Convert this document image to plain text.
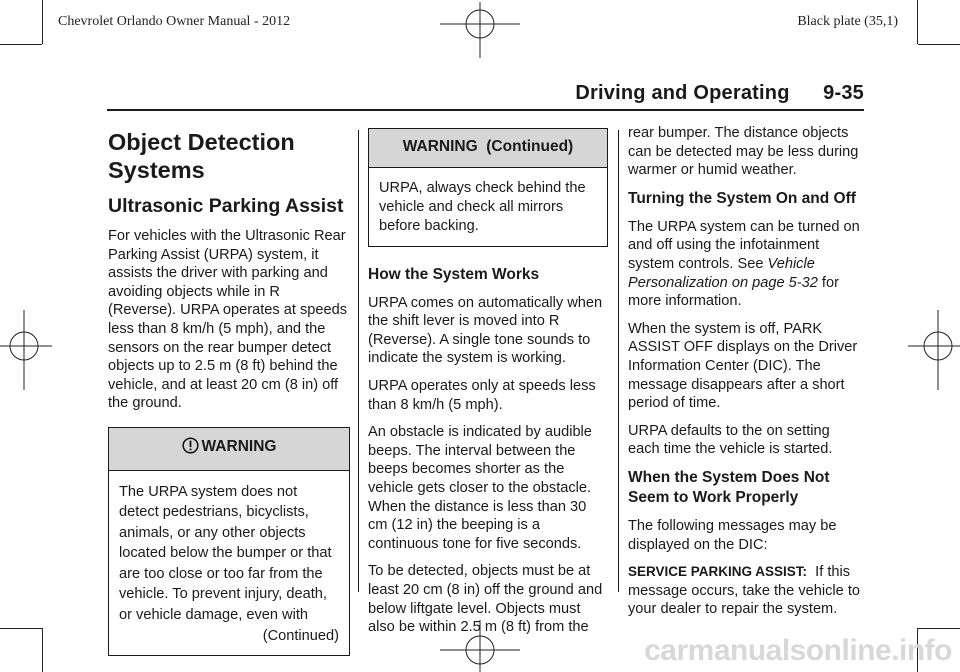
Chevrolet Orlando Owner Manual - 2012	Black plate (35,1)
Driving and Operating 9-35
Object Detection
Systems
Ultrasonic Parking Assist

For vehicles with the Ultrasonic Rear Parking Assist (URPA) system, it assists the driver with parking and avoiding objects while in R (Reverse). URPA operates at speeds less than 8 km/h (5 mph), and the sensors on the rear bumper detect objects up to 2.5 m (8 ft) behind the vehicle, and at least 20 cm (8 in) off the ground.

WARNING
The URPA system does not detect pedestrians, bicyclists, animals, or any other objects located below the bumper or that are too close or too far from the vehicle. To prevent injury, death, or vehicle damage, even with
(Continued)
WARNING  (Continued)
URPA, always check behind the vehicle and check all mirrors before backing.
How the System Works

URPA comes on automatically when the shift lever is moved into R (Reverse). A single tone sounds to indicate the system is working.

URPA operates only at speeds less than 8 km/h (5 mph).

An obstacle is indicated by audible beeps. The interval between the beeps becomes shorter as the vehicle gets closer to the obstacle. When the distance is less than 30 cm (12 in) the beeping is a continuous tone for five seconds.

To be detected, objects must be at least 20 cm (8 in) off the ground and below liftgate level. Objects must also be within 2.5 m (8 ft) from the

rear bumper. The distance objects can be detected may be less during warmer or humid weather.

Turning the System On and Off

The URPA system can be turned on and off using the infotainment system controls. See Vehicle Personalization on page 5-32 for more information.

When the system is off, PARK ASSIST OFF displays on the Driver Information Center (DIC). The message disappears after a short period of time.

URPA defaults to the on setting each time the vehicle is started.

When the System Does Not
Seem to Work Properly

The following messages may be displayed on the DIC:

SERVICE PARKING ASSIST:  If this message occurs, take the vehicle to your dealer to repair the system.

carmanualsonline.info
